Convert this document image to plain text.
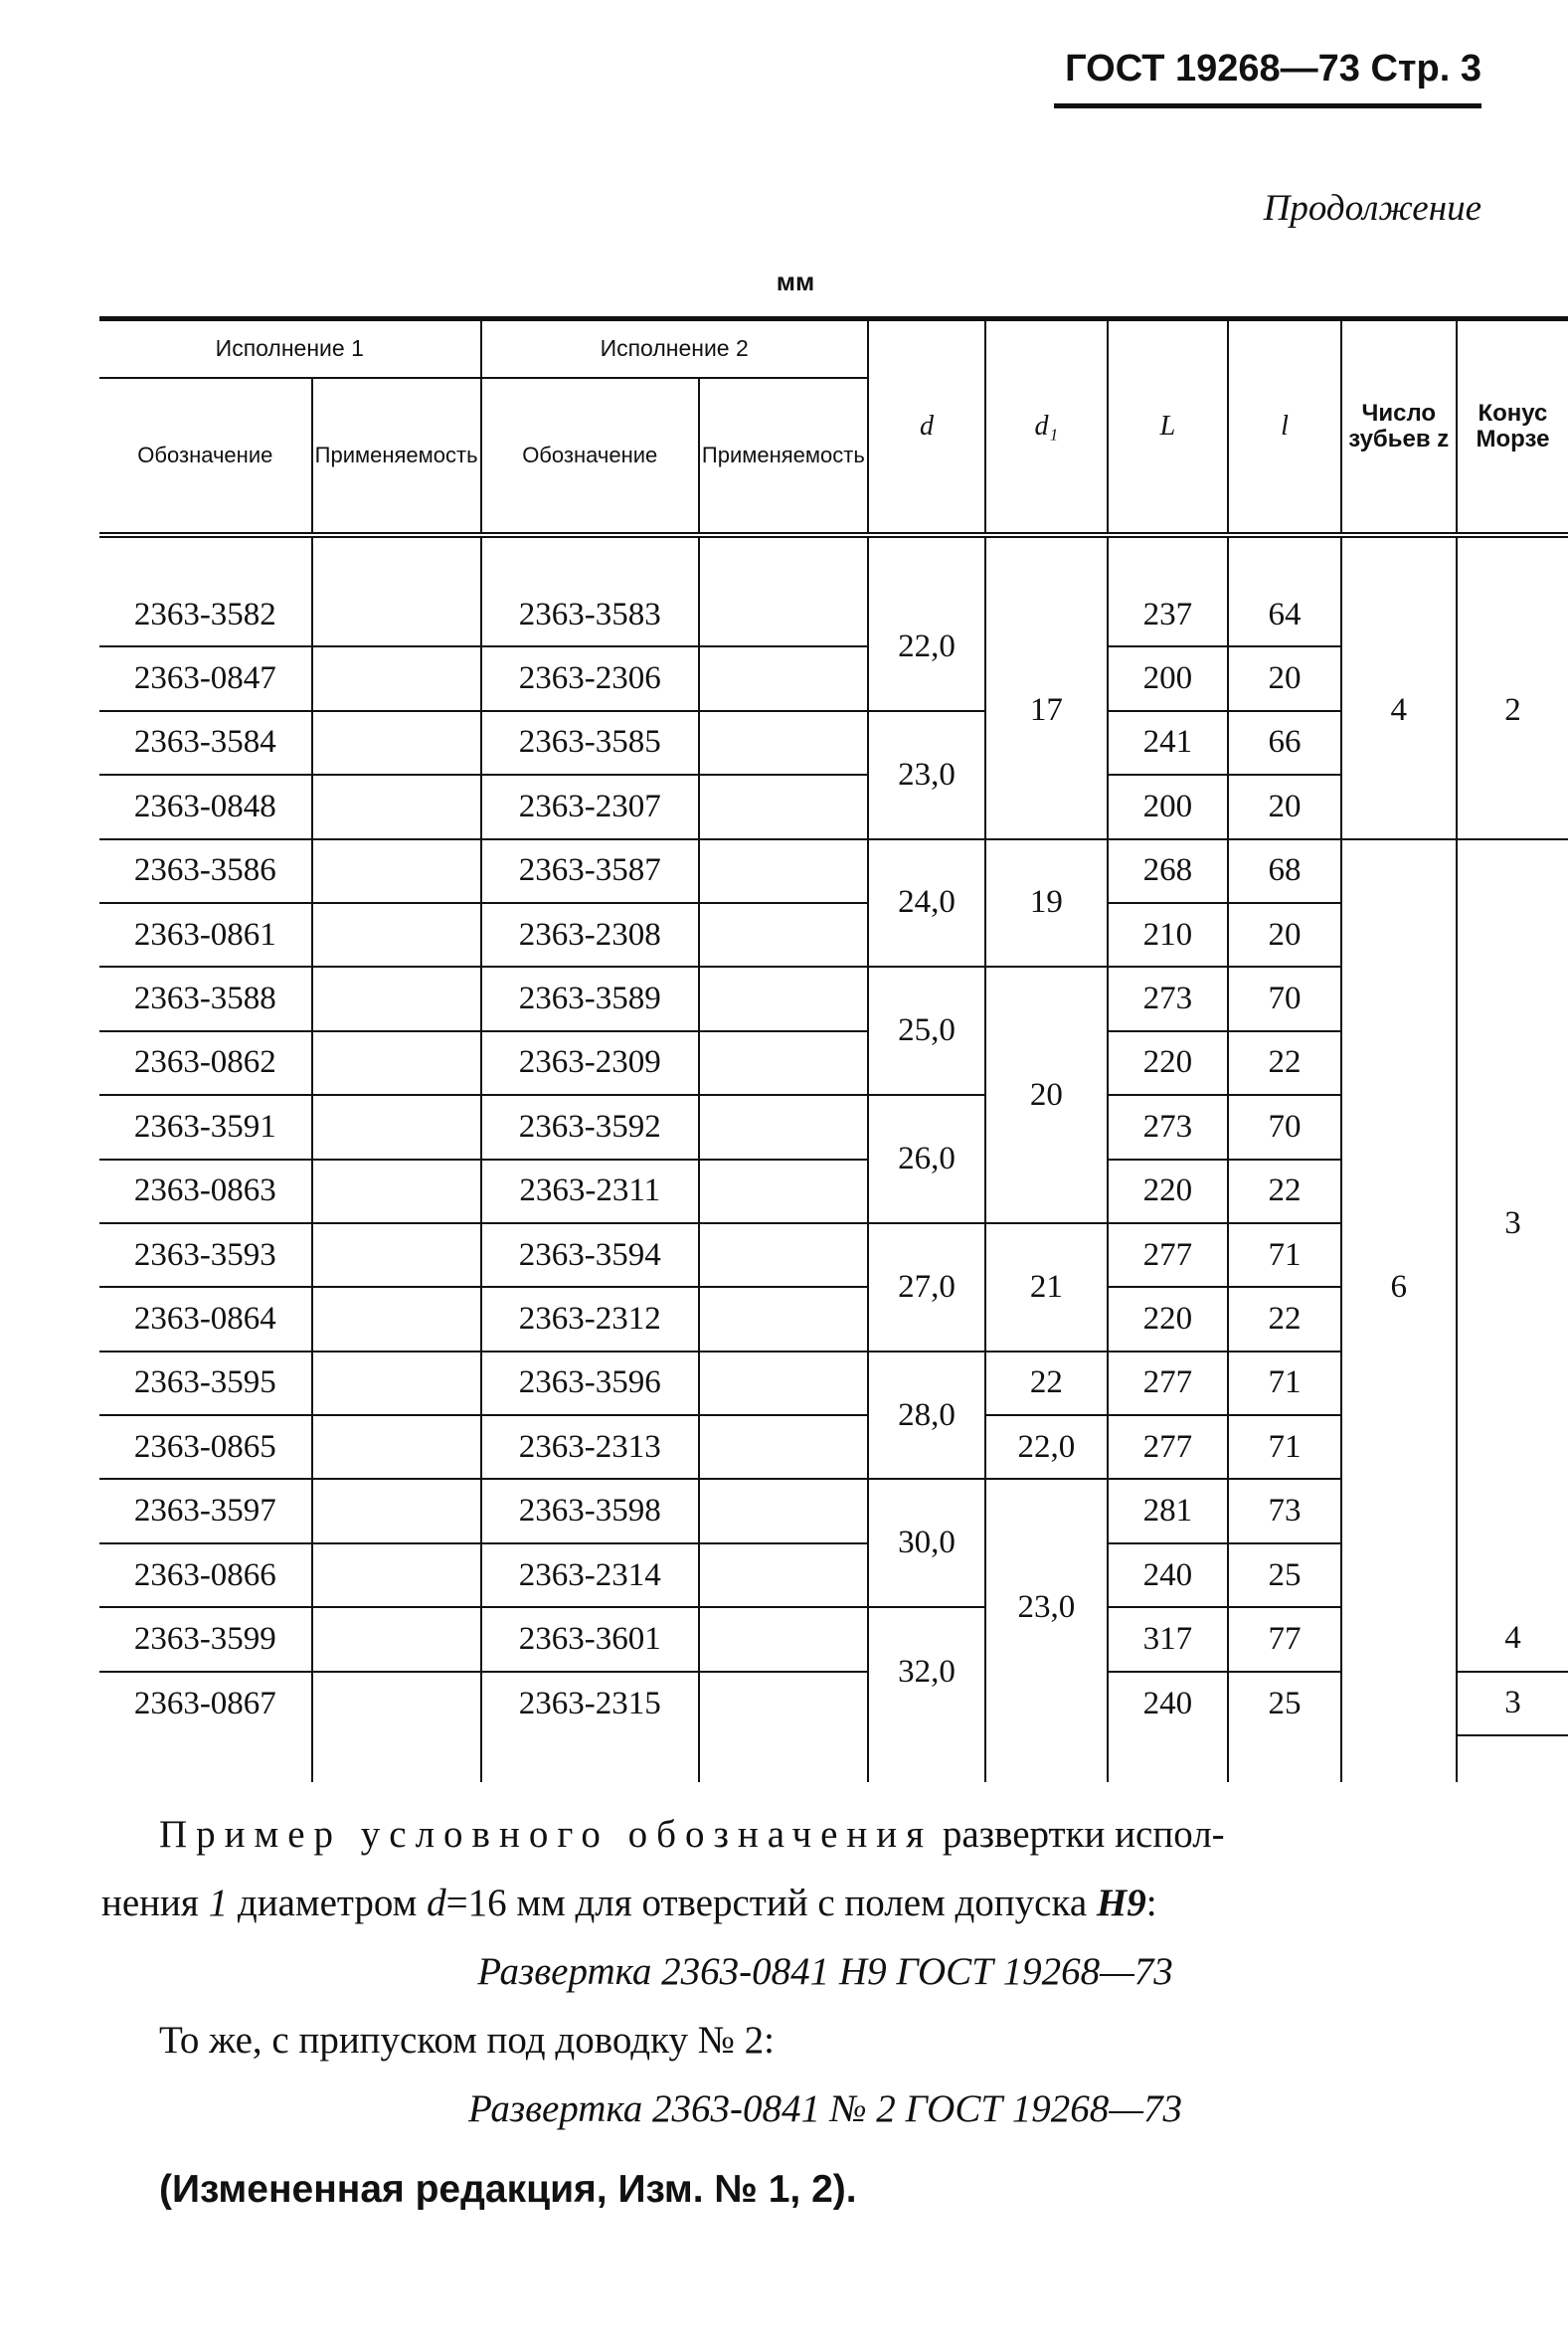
ГОСТ 19268—73 Стр. 3
Продолжение
мм
Исполнение 1		Исполнение 2		d	d₁	L	l	Число зубьев z	Конус Морзе
Обозначение	Применяемость	Обозначение	Применяемость						

2363-3582		2363-3583		22,0	17	237	64	4	2
2363-0847		2363-2306				200	20		
2363-3584		2363-3585		23,0		241	66		
2363-0848		2363-2307				200	20		
2363-3586		2363-3587		24,0	19	268	68	6	3
2363-0861		2363-2308				210	20		
2363-3588		2363-3589		25,0	20	273	70		
2363-0862		2363-2309				220	22		
2363-3591		2363-3592		26,0		273	70		
2363-0863		2363-2311				220	22		
2363-3593		2363-3594		27,0	21	277	71		
2363-0864		2363-2312				220	22		
2363-3595		2363-3596		28,0	22	277	71		
2363-0865		2363-2313			22,0	277	71		
2363-3597		2363-3598		30,0	23,0	281	73		
2363-0866		2363-2314				240	25		
2363-3599		2363-3601		32,0		317	77		4
2363-0867		2363-2315				240	25		3

Пример условного обозначения развертки испол-
нения 1 диаметром d=16 мм для отверстий с полем допуска H9:
Развертка 2363-0841 H9 ГОСТ 19268—73
То же, с припуском под доводку № 2:
Развертка 2363-0841 № 2 ГОСТ 19268—73
(Измененная редакция, Изм. № 1, 2).
